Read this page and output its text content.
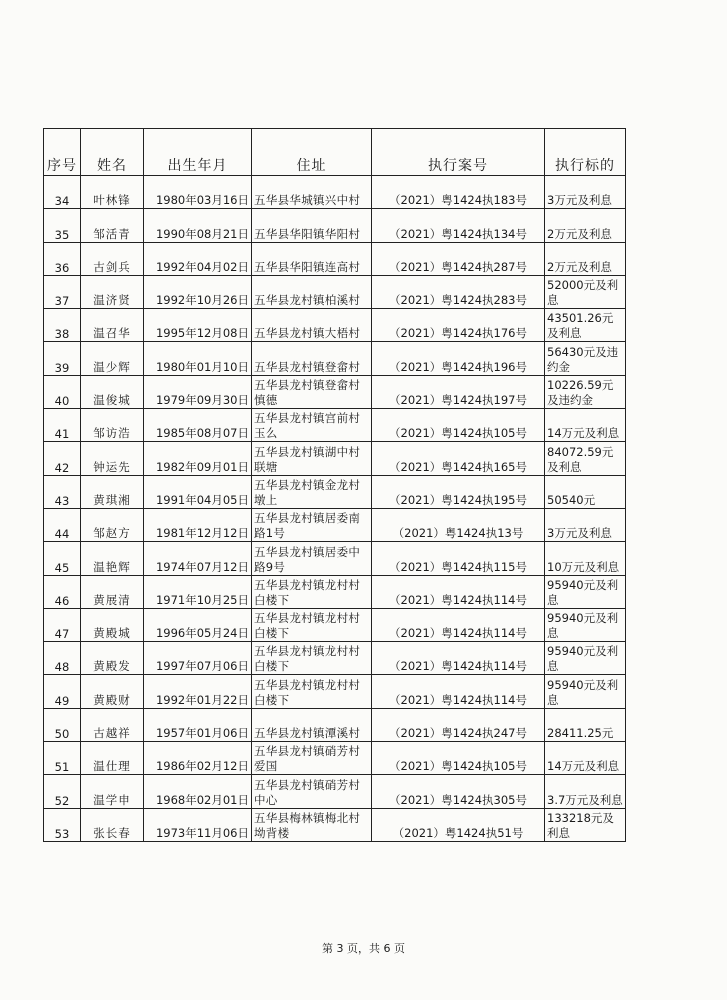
序号	姓名	出生年月	住址	执行案号	执行标的
34	叶林锋	1980年03月16日	五华县华城镇兴中村	（2021）粤1424执183号	3万元及利息
35	邹活青	1990年08月21日	五华县华阳镇华阳村	（2021）粤1424执134号	2万元及利息
36	古剑兵	1992年04月02日	五华县华阳镇连高村	（2021）粤1424执287号	2万元及利息
37	温济贤	1992年10月26日	五华县龙村镇柏溪村	（2021）粤1424执283号	52000元及利息
38	温召华	1995年12月08日	五华县龙村镇大梧村	（2021）粤1424执176号	43501.26元及利息
39	温少辉	1980年01月10日	五华县龙村镇登畲村	（2021）粤1424执196号	56430元及违约金
40	温俊城	1979年09月30日	五华县龙村镇登畲村慎德	（2021）粤1424执197号	10226.59元及违约金
41	邹访浩	1985年08月07日	五华县龙村镇宫前村玉么	（2021）粤1424执105号	14万元及利息
42	钟运先	1982年09月01日	五华县龙村镇湖中村联塘	（2021）粤1424执165号	84072.59元及利息
43	黄琪湘	1991年04月05日	五华县龙村镇金龙村墩上	（2021）粤1424执195号	50540元
44	邹赵方	1981年12月12日	五华县龙村镇居委南路1号	（2021）粤1424执13号	3万元及利息
45	温艳辉	1974年07月12日	五华县龙村镇居委中路9号	（2021）粤1424执115号	10万元及利息
46	黄展清	1971年10月25日	五华县龙村镇龙村村白楼下	（2021）粤1424执114号	95940元及利息
47	黄殿城	1996年05月24日	五华县龙村镇龙村村白楼下	（2021）粤1424执114号	95940元及利息
48	黄殿发	1997年07月06日	五华县龙村镇龙村村白楼下	（2021）粤1424执114号	95940元及利息
49	黄殿财	1992年01月22日	五华县龙村镇龙村村白楼下	（2021）粤1424执114号	95940元及利息
50	古越祥	1957年01月06日	五华县龙村镇潭溪村	（2021）粤1424执247号	28411.25元
51	温仕理	1986年02月12日	五华县龙村镇硝芳村爱国	（2021）粤1424执105号	14万元及利息
52	温学申	1968年02月01日	五华县龙村镇硝芳村中心	（2021）粤1424执305号	3.7万元及利息
53	张长春	1973年11月06日	五华县梅林镇梅北村坳背楼	（2021）粤1424执51号	133218元及利息
第 3 页，共 6 页
